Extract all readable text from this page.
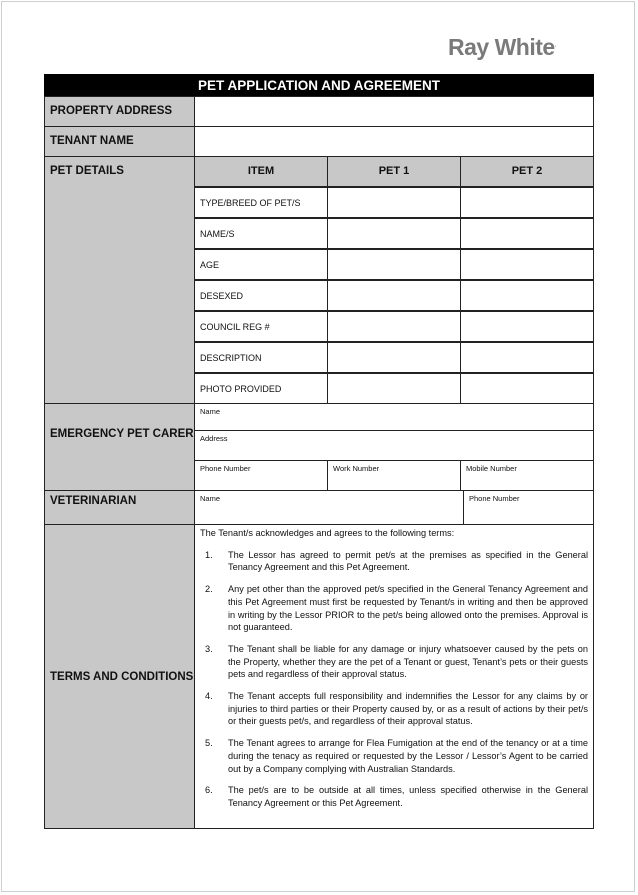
Ray White.
PET APPLICATION AND AGREEMENT
PROPERTY ADDRESS
TENANT NAME
PET DETAILS	ITEM	PET 1	PET 2
TYPE/BREED OF PET/S
NAME/S
AGE
DESEXED
COUNCIL REG #
DESCRIPTION
PHOTO PROVIDED
EMERGENCY PET CARER
Name
Address
Phone Number	Work Number	Mobile Number
VETERINARIAN	Name	Phone Number
TERMS AND CONDITIONS
The Tenant/s acknowledges and agrees to the following terms:
1.	The Lessor has agreed to permit pet/s at the premises as specified in the General Tenancy Agreement and this Pet Agreement.
2.	Any pet other than the approved pet/s specified in the General Tenancy Agreement and this Pet Agreement must first be requested by Tenant/s in writing and then be approved in writing by the Lessor PRIOR to the pet/s being allowed onto the premises. Approval is not guaranteed.
3.	The Tenant shall be liable for any damage or injury whatsoever caused by the pets on the Property, whether they are the pet of a Tenant or guest, Tenant’s pets or their guests pets and regardless of their approval status.
4.	The Tenant accepts full responsibility and indemnifies the Lessor for any claims by or injuries to third parties or their Property caused by, or as a result of actions by their pet/s or their guests pet/s, and regardless of their approval status.
5.	The Tenant agrees to arrange for Flea Fumigation at the end of the tenancy or at a time during the tenacy as required or requested by the Lessor / Lessor’s Agent to be carried out by a Company complying with Australian Standards.
6.	The pet/s are to be outside at all times, unless specified otherwise in the General Tenancy Agreement or this Pet Agreement.
